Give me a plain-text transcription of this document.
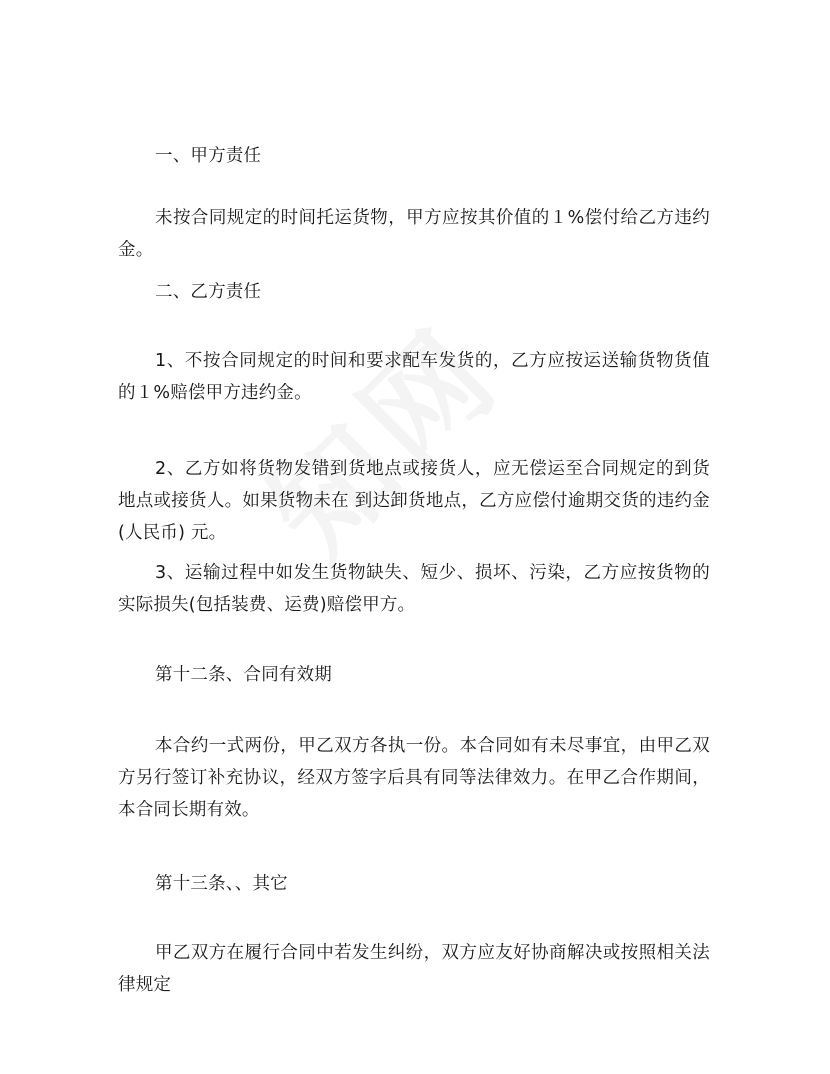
一、甲方责任

未按合同规定的时间托运货物，甲方应按其价值的１%偿付给乙方违约金。

二、乙方责任

1、不按合同规定的时间和要求配车发货的，乙方应按运送输货物货值的１%赔偿甲方违约金。

2、乙方如将货物发错到货地点或接货人，应无偿运至合同规定的到货地点或接货人。如果货物未在 到达卸货地点，乙方应偿付逾期交货的违约金(人民币) 元。

3、运输过程中如发生货物缺失、短少、损坏、污染，乙方应按货物的实际损失(包括装费、运费)赔偿甲方。

第十二条、合同有效期

本合约一式两份，甲乙双方各执一份。本合同如有未尽事宜，由甲乙双方另行签订补充协议，经双方签字后具有同等法律效力。在甲乙合作期间，本合同长期有效。

第十三条、、其它

甲乙双方在履行合同中若发生纠纷，双方应友好协商解决或按照相关法律规定
